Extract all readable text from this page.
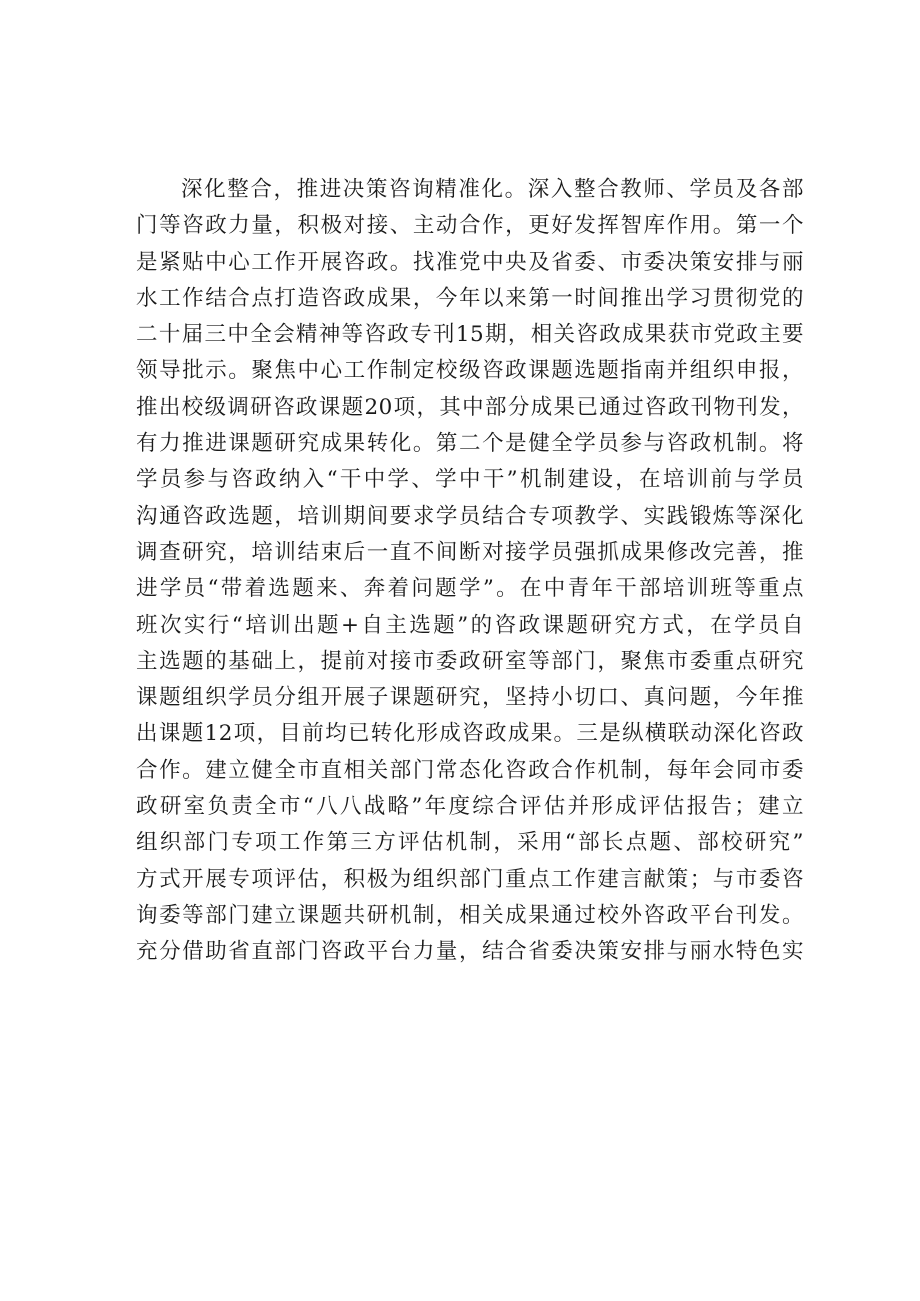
深化整合，推进决策咨询精准化。深入整合教师、学员及各部
门等咨政力量，积极对接、主动合作，更好发挥智库作用。第一个
是紧贴中心工作开展咨政。找准党中央及省委、市委决策安排与丽
水工作结合点打造咨政成果，今年以来第一时间推出学习贯彻党的
二十届三中全会精神等咨政专刊15期，相关咨政成果获市党政主要
领导批示。聚焦中心工作制定校级咨政课题选题指南并组织申报，
推出校级调研咨政课题20项，其中部分成果已通过咨政刊物刊发，
有力推进课题研究成果转化。第二个是健全学员参与咨政机制。将
学员参与咨政纳入“干中学、学中干”机制建设，在培训前与学员
沟通咨政选题，培训期间要求学员结合专项教学、实践锻炼等深化
调查研究，培训结束后一直不间断对接学员强抓成果修改完善，推
进学员“带着选题来、奔着问题学”。在中青年干部培训班等重点
班次实行“培训出题+自主选题”的咨政课题研究方式，在学员自
主选题的基础上，提前对接市委政研室等部门，聚焦市委重点研究
课题组织学员分组开展子课题研究，坚持小切口、真问题，今年推
出课题12项，目前均已转化形成咨政成果。三是纵横联动深化咨政
合作。建立健全市直相关部门常态化咨政合作机制，每年会同市委
政研室负责全市“八八战略”年度综合评估并形成评估报告；建立
组织部门专项工作第三方评估机制，采用“部长点题、部校研究”
方式开展专项评估，积极为组织部门重点工作建言献策；与市委咨
询委等部门建立课题共研机制，相关成果通过校外咨政平台刊发。
充分借助省直部门咨政平台力量，结合省委决策安排与丽水特色实
